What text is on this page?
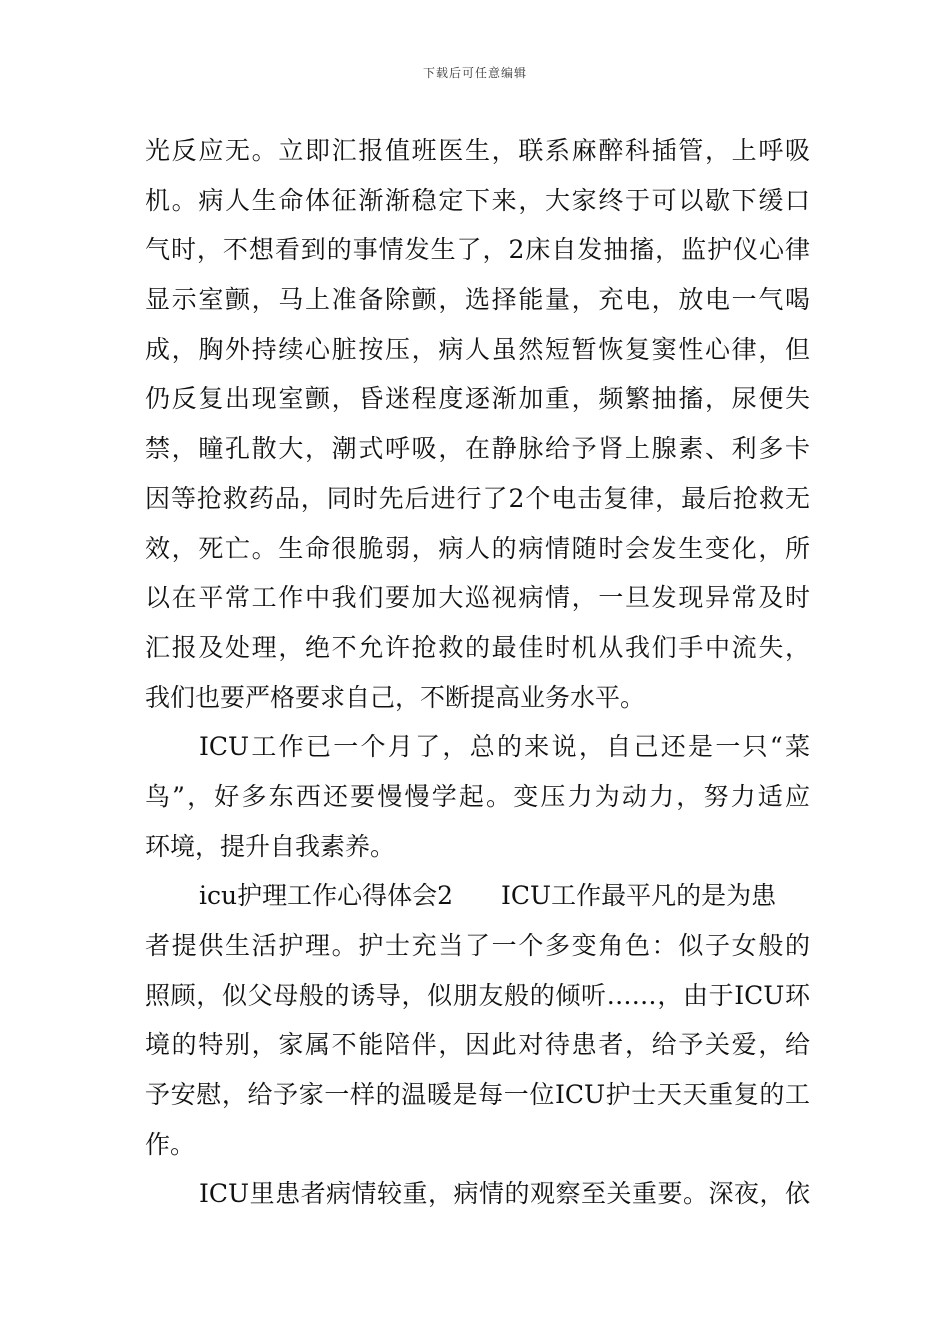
下载后可任意编辑
光反应无。立即汇报值班医生，联系麻醉科插管，上呼吸
机。病人生命体征渐渐稳定下来，大家终于可以歇下缓口
气时，不想看到的事情发生了，2床自发抽搐，监护仪心律
显示室颤，马上准备除颤，选择能量，充电，放电一气喝
成，胸外持续心脏按压，病人虽然短暂恢复窦性心律，但
仍反复出现室颤，昏迷程度逐渐加重，频繁抽搐，尿便失
禁，瞳孔散大，潮式呼吸，在静脉给予肾上腺素、利多卡
因等抢救药品，同时先后进行了2个电击复律，最后抢救无
效，死亡。生命很脆弱，病人的病情随时会发生变化，所
以在平常工作中我们要加大巡视病情，一旦发现异常及时
汇报及处理，绝不允许抢救的最佳时机从我们手中流失，
我们也要严格要求自己，不断提高业务水平。
ICU工作已一个月了，总的来说，自己还是一只“菜
鸟”，好多东西还要慢慢学起。变压力为动力，努力适应
环境，提升自我素养。
icu护理工作心得体会2 ICU工作最平凡的是为患
者提供生活护理。护士充当了一个多变角色：似子女般的
照顾，似父母般的诱导，似朋友般的倾听……，由于ICU环
境的特别，家属不能陪伴，因此对待患者，给予关爱，给
予安慰，给予家一样的温暖是每一位ICU护士天天重复的工
作。
ICU里患者病情较重，病情的观察至关重要。深夜，依
